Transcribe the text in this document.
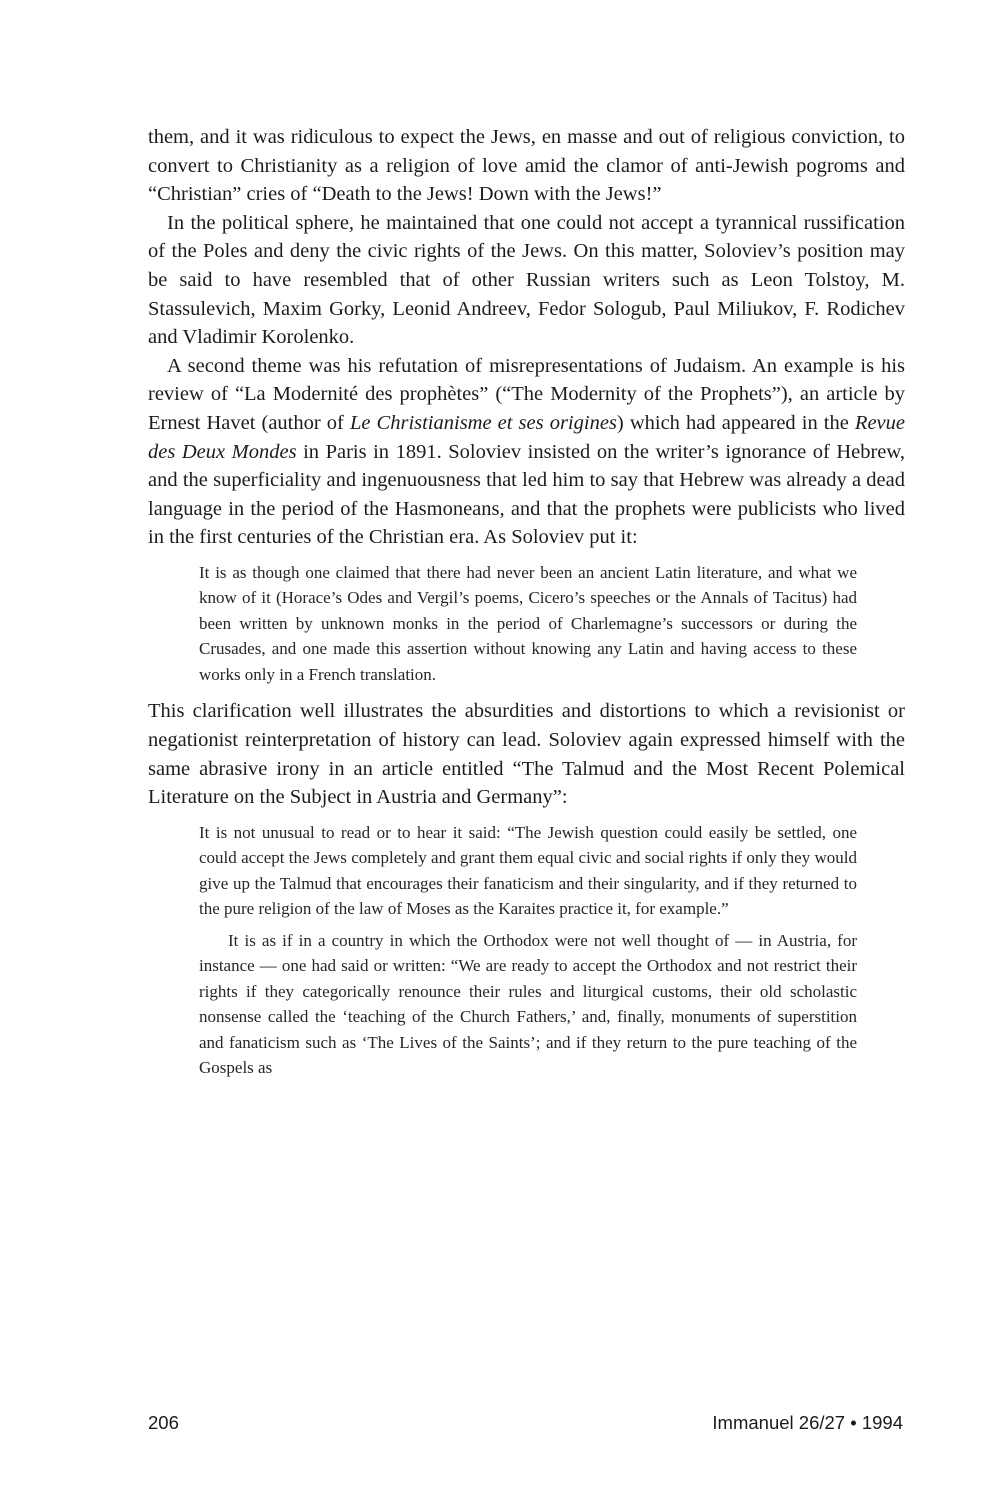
them, and it was ridiculous to expect the Jews, en masse and out of religious conviction, to convert to Christianity as a religion of love amid the clamor of anti-Jewish pogroms and “Christian” cries of “Death to the Jews! Down with the Jews!”

In the political sphere, he maintained that one could not accept a tyrannical russification of the Poles and deny the civic rights of the Jews. On this matter, Soloviev’s position may be said to have resembled that of other Russian writers such as Leon Tolstoy, M. Stassulevich, Maxim Gorky, Leonid Andreev, Fedor Sologub, Paul Miliukov, F. Rodichev and Vladimir Korolenko.

A second theme was his refutation of misrepresentations of Judaism. An example is his review of “La Modernité des prophètes” (“The Modernity of the Prophets”), an article by Ernest Havet (author of Le Christianisme et ses origines) which had appeared in the Revue des Deux Mondes in Paris in 1891. Soloviev insisted on the writer’s ignorance of Hebrew, and the superficiality and ingenuousness that led him to say that Hebrew was already a dead language in the period of the Hasmoneans, and that the prophets were publicists who lived in the first centuries of the Christian era. As Soloviev put it:

It is as though one claimed that there had never been an ancient Latin literature, and what we know of it (Horace’s Odes and Vergil’s poems, Cicero’s speeches or the Annals of Tacitus) had been written by unknown monks in the period of Charlemagne’s successors or during the Crusades, and one made this assertion without knowing any Latin and having access to these works only in a French translation.

This clarification well illustrates the absurdities and distortions to which a revisionist or negationist reinterpretation of history can lead. Soloviev again expressed himself with the same abrasive irony in an article entitled “The Talmud and the Most Recent Polemical Literature on the Subject in Austria and Germany”:

It is not unusual to read or to hear it said: “The Jewish question could easily be settled, one could accept the Jews completely and grant them equal civic and social rights if only they would give up the Talmud that encourages their fanaticism and their singularity, and if they returned to the pure religion of the law of Moses as the Karaites practice it, for example.”

It is as if in a country in which the Orthodox were not well thought of — in Austria, for instance — one had said or written: “We are ready to accept the Orthodox and not restrict their rights if they categorically renounce their rules and liturgical customs, their old scholastic nonsense called the ‘teaching of the Church Fathers,’ and, finally, monuments of superstition and fanaticism such as ‘The Lives of the Saints’; and if they return to the pure teaching of the Gospels as

206	Immanuel 26/27 • 1994
